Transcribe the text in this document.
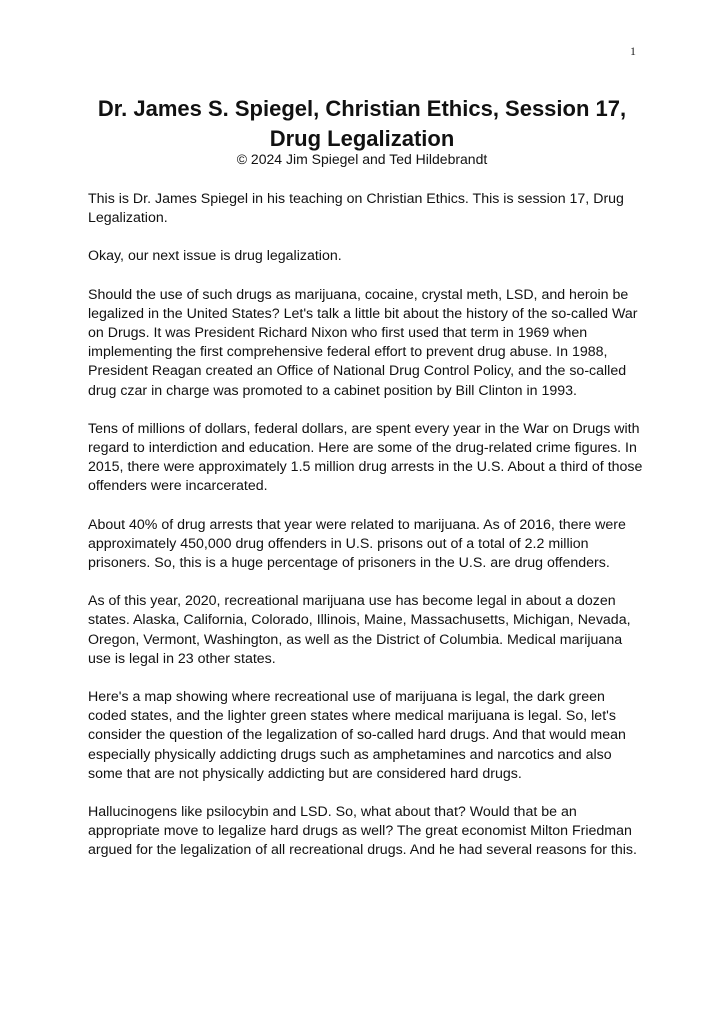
1
Dr. James S. Spiegel, Christian Ethics, Session 17,
Drug Legalization
© 2024 Jim Spiegel and Ted Hildebrandt

This is Dr. James Spiegel in his teaching on Christian Ethics. This is session 17, Drug Legalization.

Okay, our next issue is drug legalization.

Should the use of such drugs as marijuana, cocaine, crystal meth, LSD, and heroin be legalized in the United States? Let's talk a little bit about the history of the so-called War on Drugs. It was President Richard Nixon who first used that term in 1969 when implementing the first comprehensive federal effort to prevent drug abuse. In 1988, President Reagan created an Office of National Drug Control Policy, and the so-called drug czar in charge was promoted to a cabinet position by Bill Clinton in 1993.

Tens of millions of dollars, federal dollars, are spent every year in the War on Drugs with regard to interdiction and education. Here are some of the drug-related crime figures. In 2015, there were approximately 1.5 million drug arrests in the U.S. About a third of those offenders were incarcerated.

About 40% of drug arrests that year were related to marijuana. As of 2016, there were approximately 450,000 drug offenders in U.S. prisons out of a total of 2.2 million prisoners. So, this is a huge percentage of prisoners in the U.S. are drug offenders.

As of this year, 2020, recreational marijuana use has become legal in about a dozen states. Alaska, California, Colorado, Illinois, Maine, Massachusetts, Michigan, Nevada, Oregon, Vermont, Washington, as well as the District of Columbia. Medical marijuana use is legal in 23 other states.

Here's a map showing where recreational use of marijuana is legal, the dark green coded states, and the lighter green states where medical marijuana is legal. So, let's consider the question of the legalization of so-called hard drugs. And that would mean especially physically addicting drugs such as amphetamines and narcotics and also some that are not physically addicting but are considered hard drugs.

Hallucinogens like psilocybin and LSD. So, what about that? Would that be an appropriate move to legalize hard drugs as well? The great economist Milton Friedman argued for the legalization of all recreational drugs. And he had several reasons for this.
